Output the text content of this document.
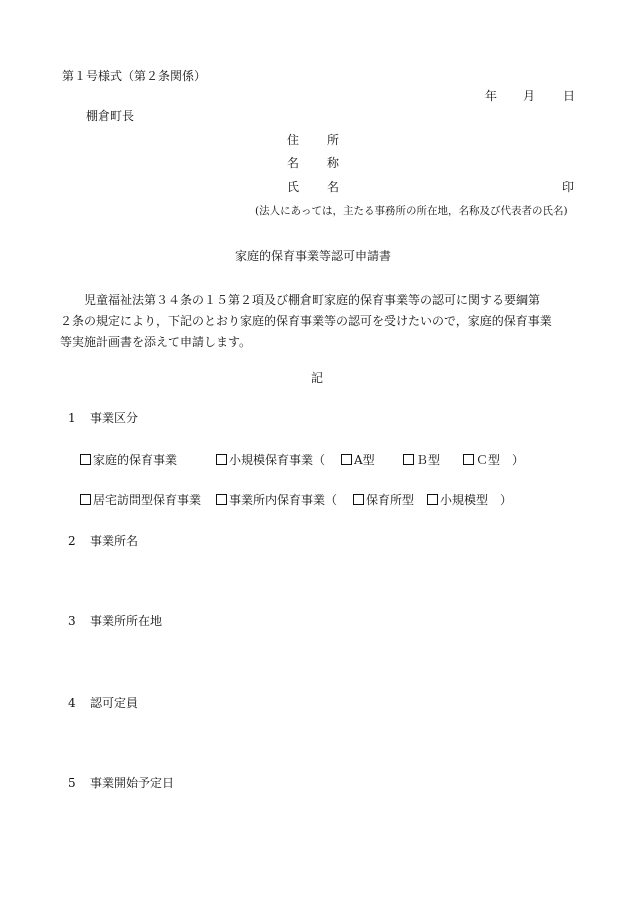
第１号様式（第２条関係）
年 月 日
棚倉町長
住 所
名 称
氏 名	印
(法人にあっては，主たる事務所の所在地，名称及び代表者の氏名)
家庭的保育事業等認可申請書

児童福祉法第３４条の１５第２項及び棚倉町家庭的保育事業等の認可に関する要綱第

２条の規定により，下記のとおり家庭的保育事業等の認可を受けたいので，家庭的保育事業

等実施計画書を添えて申請します。

記
1 事業区分
家庭的保育事業	小規模保育事業（	A型	Ｂ型	Ｃ型　）
居宅訪問型保育事業	事業所内保育事業（	保育所型	小規模型　）
2 事業所名
3 事業所所在地
4 認可定員
5 事業開始予定日
